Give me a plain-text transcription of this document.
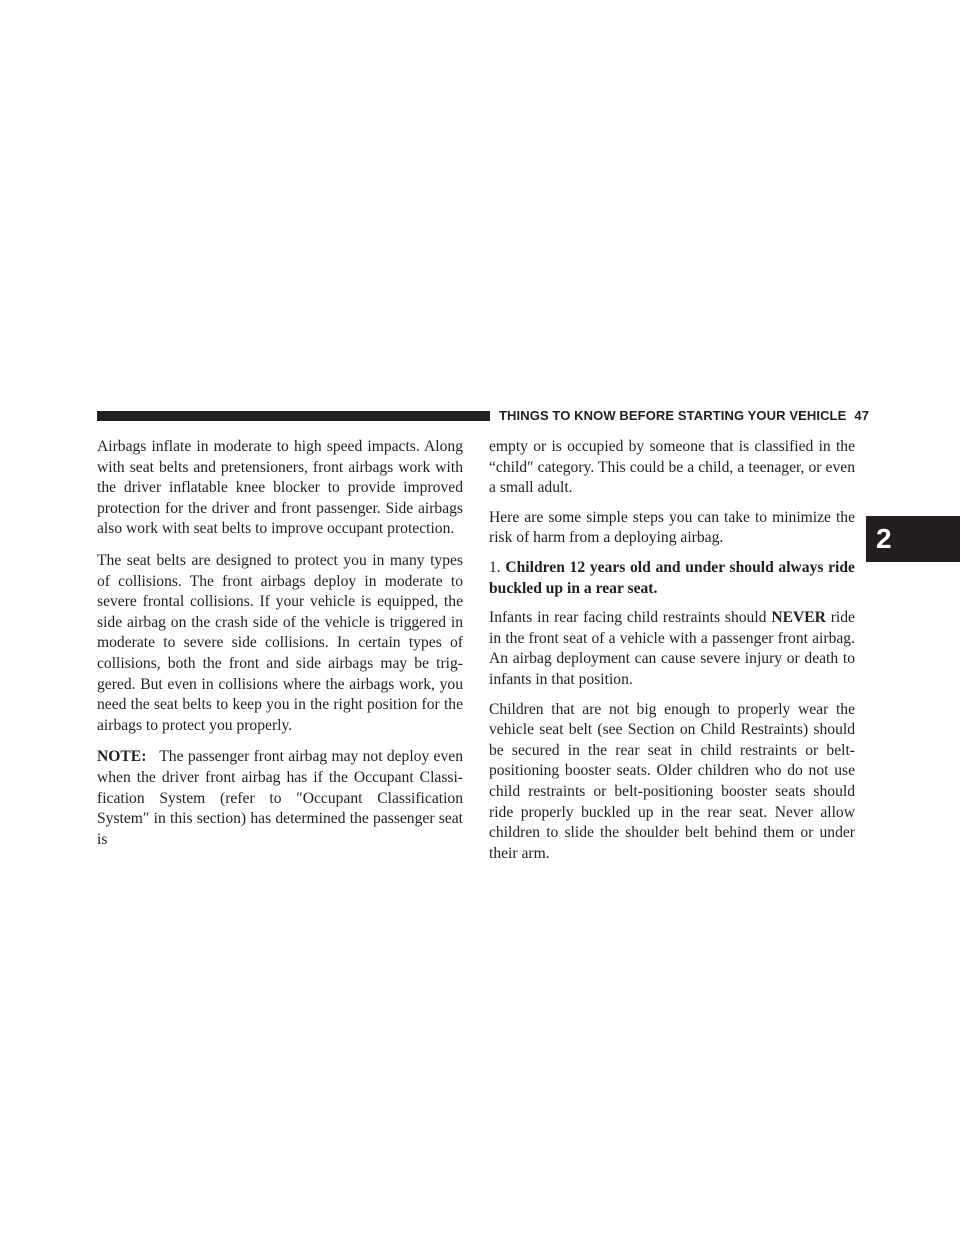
THINGS TO KNOW BEFORE STARTING YOUR VEHICLE 47
2

Airbags inflate in moderate to high speed impacts. Along with seat belts and pretensioners, front airbags work with the driver inflatable knee blocker to provide improved protection for the driver and front passenger. Side airbags also work with seat belts to improve occupant protection.

The seat belts are designed to protect you in many types of collisions. The front airbags deploy in moderate to severe frontal collisions. If your vehicle is equipped, the side airbag on the crash side of the vehicle is triggered in moderate to severe side collisions. In certain types of collisions, both the front and side airbags may be trig-gered. But even in collisions where the airbags work, you need the seat belts to keep you in the right position for the airbags to protect you properly.

NOTE: The passenger front airbag may not deploy even when the driver front airbag has if the Occupant Classi-fication System (refer to ″Occupant Classification System″ in this section) has determined the passenger seat is

empty or is occupied by someone that is classified in the “child″ category. This could be a child, a teenager, or even a small adult.

Here are some simple steps you can take to minimize the risk of harm from a deploying airbag.

1. Children 12 years old and under should always ride buckled up in a rear seat.

Infants in rear facing child restraints should NEVER ride in the front seat of a vehicle with a passenger front airbag. An airbag deployment can cause severe injury or death to infants in that position.

Children that are not big enough to properly wear the vehicle seat belt (see Section on Child Restraints) should be secured in the rear seat in child restraints or belt-positioning booster seats. Older children who do not use child restraints or belt-positioning booster seats should ride properly buckled up in the rear seat. Never allow children to slide the shoulder belt behind them or under their arm.
